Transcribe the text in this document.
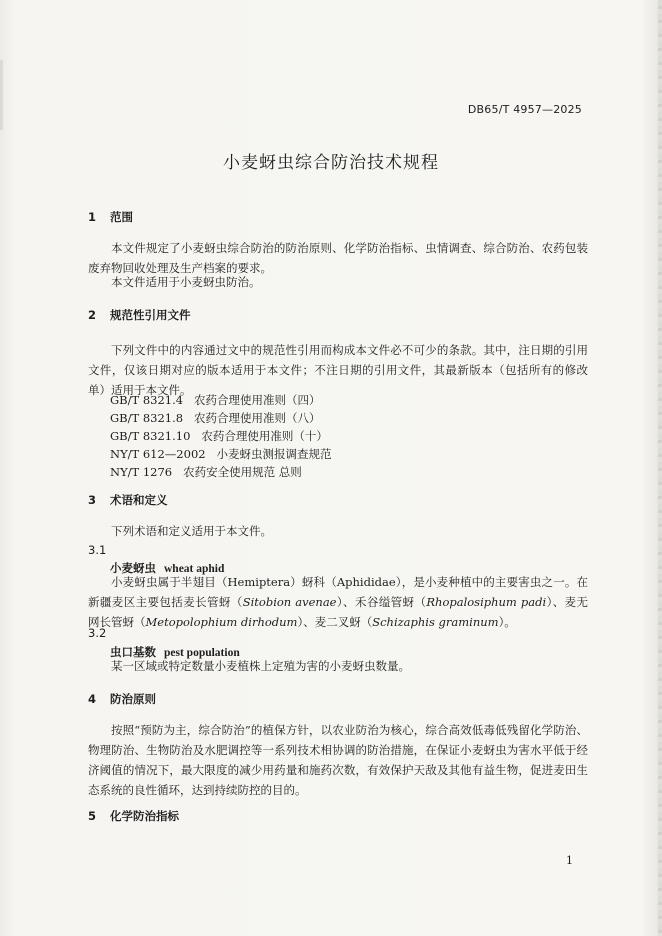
DB65/T 4957—2025
小麦蚜虫综合防治技术规程
1 范围
本文件规定了小麦蚜虫综合防治的防治原则、化学防治指标、虫情调查、综合防治、农药包装废弃物回收处理及生产档案的要求。
本文件适用于小麦蚜虫防治。
2 规范性引用文件
下列文件中的内容通过文中的规范性引用而构成本文件必不可少的条款。其中，注日期的引用文件，仅该日期对应的版本适用于本文件；不注日期的引用文件，其最新版本（包括所有的修改单）适用于本文件。
GB/T 8321.4 农药合理使用准则（四）
GB/T 8321.8 农药合理使用准则（八）
GB/T 8321.10 农药合理使用准则（十）
NY/T 612—2002 小麦蚜虫测报调查规范
NY/T 1276 农药安全使用规范 总则
3 术语和定义
下列术语和定义适用于本文件。
3.1
小麦蚜虫 wheat aphid
小麦蚜虫属于半翅目（Hemiptera）蚜科（Aphididae），是小麦种植中的主要害虫之一。在新疆麦区主要包括麦长管蚜（Sitobion avenae）、禾谷缢管蚜（Rhopalosiphum padi）、麦无网长管蚜（Metopolophium dirhodum）、麦二叉蚜（Schizaphis graminum）。
3.2
虫口基数 pest population
某一区域或特定数量小麦植株上定殖为害的小麦蚜虫数量。
4 防治原则
按照“预防为主，综合防治”的植保方针，以农业防治为核心，综合高效低毒低残留化学防治、物理防治、生物防治及水肥调控等一系列技术相协调的防治措施，在保证小麦蚜虫为害水平低于经济阈值的情况下，最大限度的减少用药量和施药次数，有效保护天敌及其他有益生物，促进麦田生态系统的良性循环，达到持续防控的目的。
5 化学防治指标
1
